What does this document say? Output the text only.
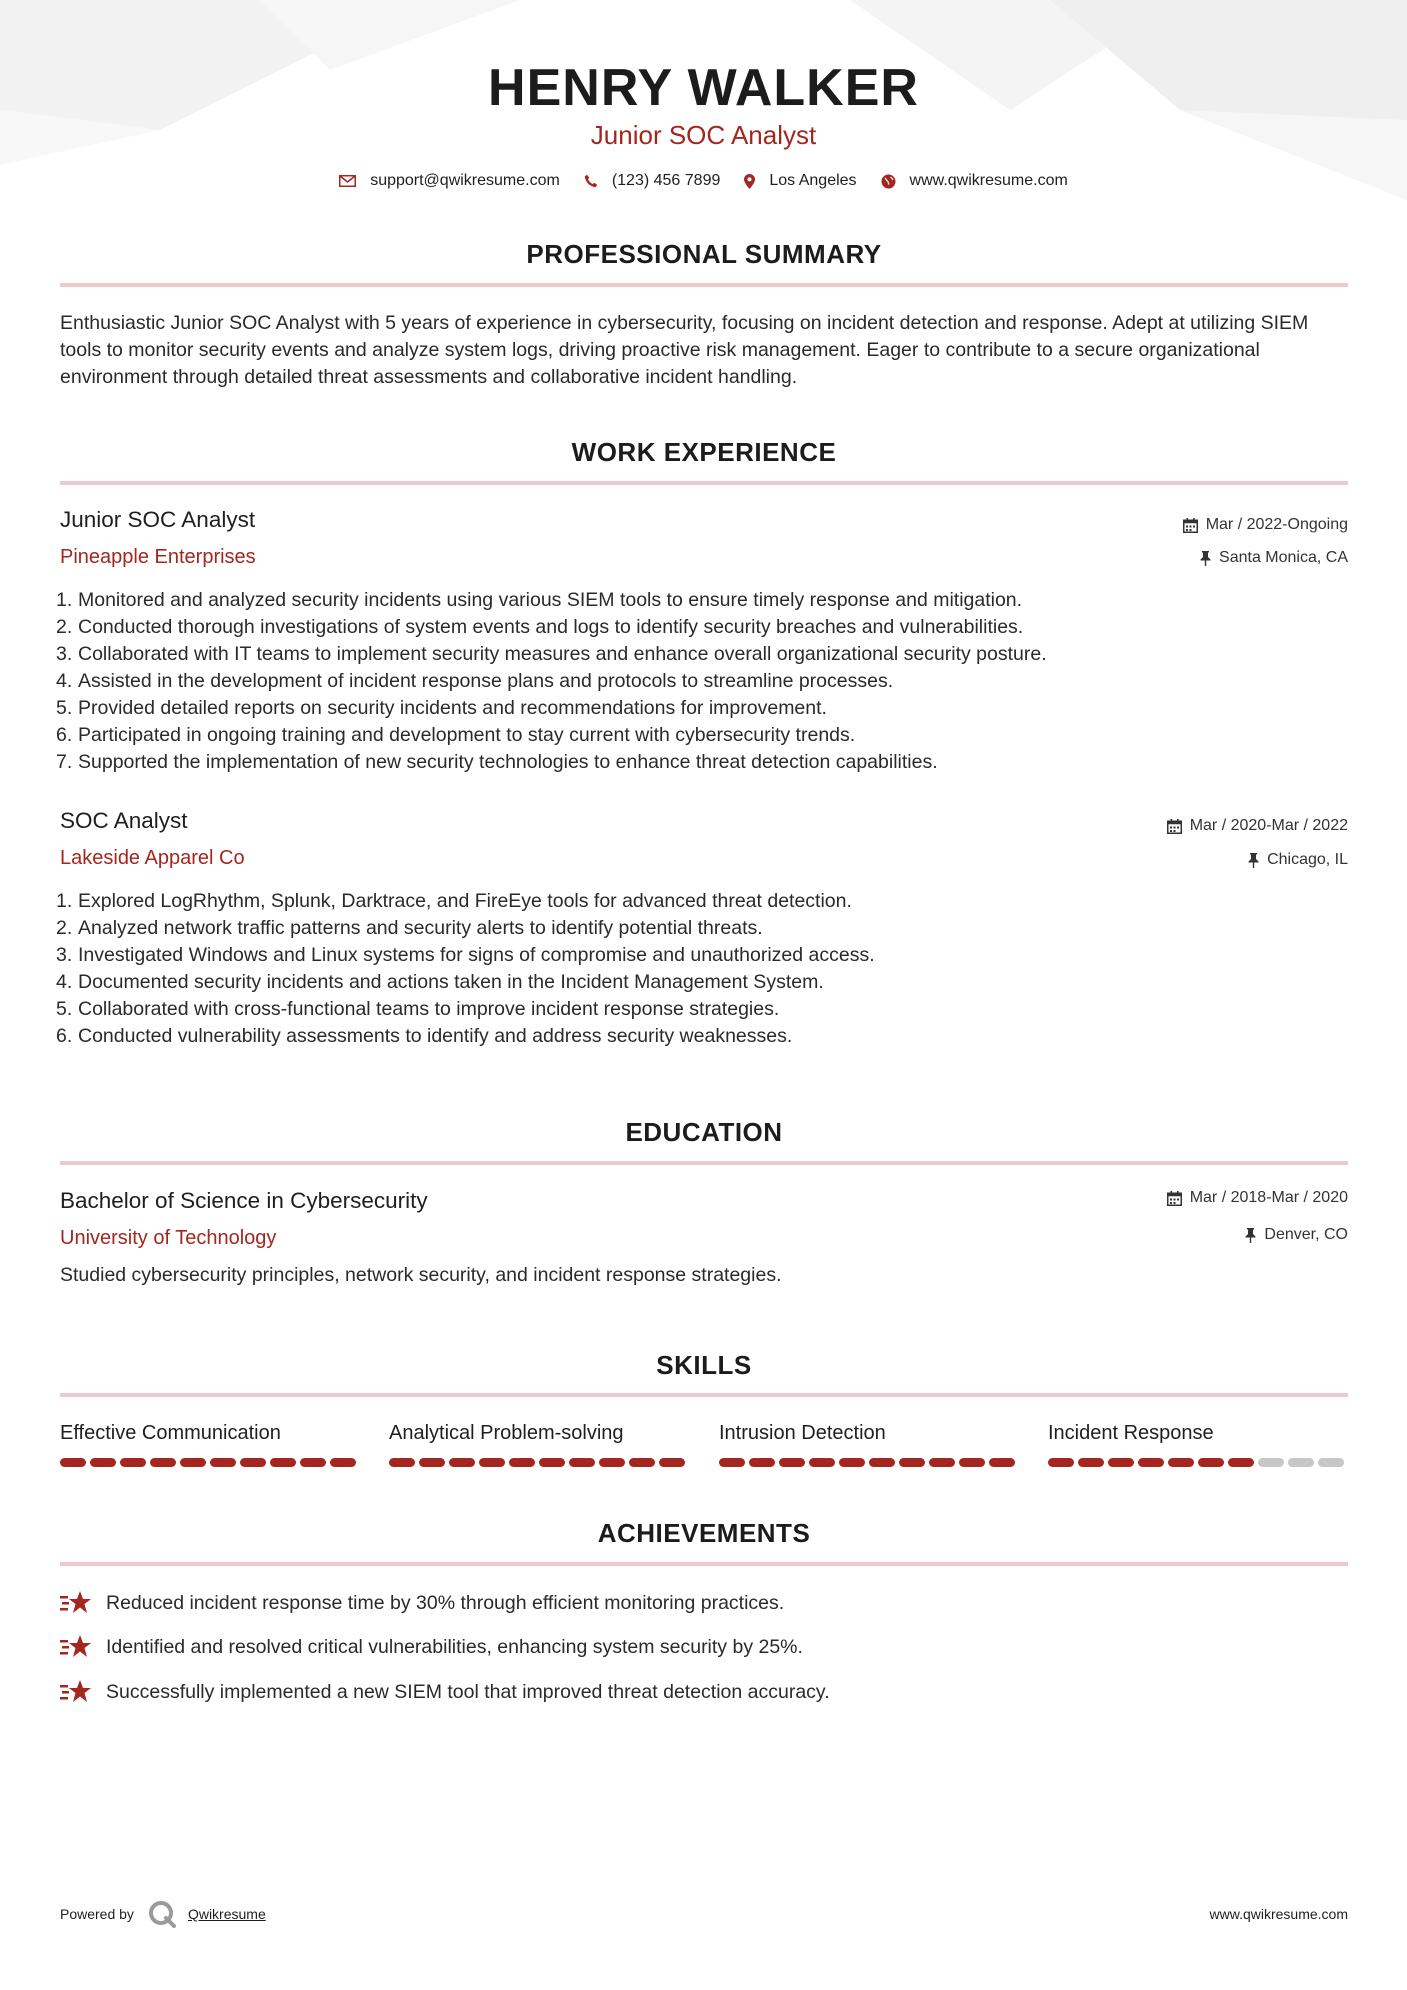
HENRY WALKER
Junior SOC Analyst
support@qwikresume.com	(123) 456 7899	Los Angeles	www.qwikresume.com
PROFESSIONAL SUMMARY
Enthusiastic Junior SOC Analyst with 5 years of experience in cybersecurity, focusing on incident detection and response. Adept at utilizing SIEM tools to monitor security events and analyze system logs, driving proactive risk management. Eager to contribute to a secure organizational environment through detailed threat assessments and collaborative incident handling.
WORK EXPERIENCE
Junior SOC Analyst
Pineapple Enterprises
Mar / 2022-Ongoing
Santa Monica, CA
1. Monitored and analyzed security incidents using various SIEM tools to ensure timely response and mitigation.
2. Conducted thorough investigations of system events and logs to identify security breaches and vulnerabilities.
3. Collaborated with IT teams to implement security measures and enhance overall organizational security posture.
4. Assisted in the development of incident response plans and protocols to streamline processes.
5. Provided detailed reports on security incidents and recommendations for improvement.
6. Participated in ongoing training and development to stay current with cybersecurity trends.
7. Supported the implementation of new security technologies to enhance threat detection capabilities.
SOC Analyst
Lakeside Apparel Co
Mar / 2020-Mar / 2022
Chicago, IL
1. Explored LogRhythm, Splunk, Darktrace, and FireEye tools for advanced threat detection.
2. Analyzed network traffic patterns and security alerts to identify potential threats.
3. Investigated Windows and Linux systems for signs of compromise and unauthorized access.
4. Documented security incidents and actions taken in the Incident Management System.
5. Collaborated with cross-functional teams to improve incident response strategies.
6. Conducted vulnerability assessments to identify and address security weaknesses.
EDUCATION
Bachelor of Science in Cybersecurity
University of Technology
Mar / 2018-Mar / 2020
Denver, CO
Studied cybersecurity principles, network security, and incident response strategies.
SKILLS
Effective Communication	Analytical Problem-solving	Intrusion Detection	Incident Response
ACHIEVEMENTS
Reduced incident response time by 30% through efficient monitoring practices.
Identified and resolved critical vulnerabilities, enhancing system security by 25%.
Successfully implemented a new SIEM tool that improved threat detection accuracy.
Powered by	Qwikresume	www.qwikresume.com
